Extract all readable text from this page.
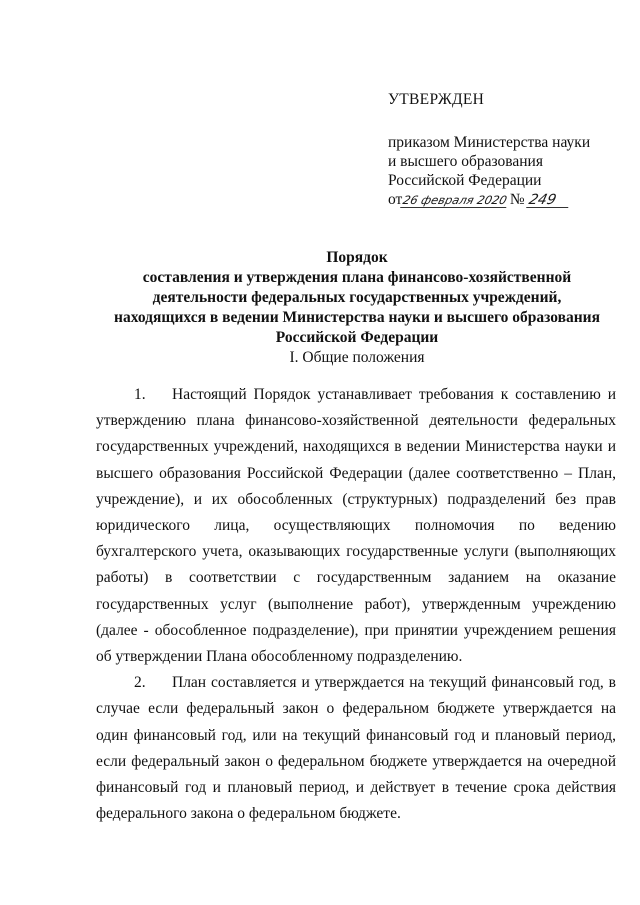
УТВЕРЖДЕН
приказом Министерства науки
и высшего образования
Российской Федерации
от 26 февраля 2020 № 249
Порядок
составления и утверждения плана финансово-хозяйственной
деятельности федеральных государственных учреждений,
находящихся в ведении Министерства науки и высшего образования
Российской Федерации
I. Общие положения

1. Настоящий Порядок устанавливает требования к составлению и утверждению плана финансово-хозяйственной деятельности федеральных государственных учреждений, находящихся в ведении Министерства науки и высшего образования Российской Федерации (далее соответственно – План, учреждение), и их обособленных (структурных) подразделений без прав юридического лица, осуществляющих полномочия по ведению бухгалтерского учета, оказывающих государственные услуги (выполняющих работы) в соответствии с государственным заданием на оказание государственных услуг (выполнение работ), утвержденным учреждению (далее - обособленное подразделение), при принятии учреждением решения об утверждении Плана обособленному подразделению.

2. План составляется и утверждается на текущий финансовый год, в случае если федеральный закон о федеральном бюджете утверждается на один финансовый год, или на текущий финансовый год и плановый период, если федеральный закон о федеральном бюджете утверждается на очередной финансовый год и плановый период, и действует в течение срока действия федерального закона о федеральном бюджете.
